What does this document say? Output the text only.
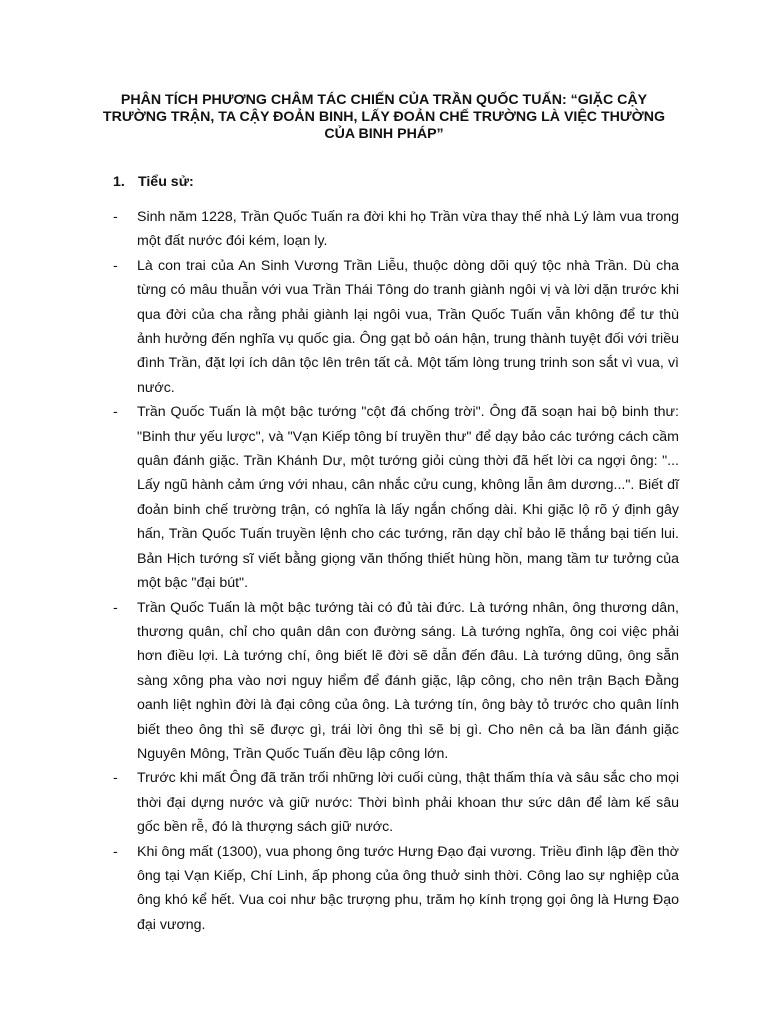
PHÂN TÍCH PHƯƠNG CHÂM TÁC CHIẾN CỦA TRẦN QUỐC TUẤN: “GIẶC CẬY TRƯỜNG TRẬN, TA CẬY ĐOẢN BINH, LẤY ĐOẢN CHẾ TRƯỜNG LÀ VIỆC THƯỜNG CỦA BINH PHÁP”
1. Tiểu sử:
- Sinh năm 1228, Trần Quốc Tuấn ra đời khi họ Trần vừa thay thế nhà Lý làm vua trong một đất nước đói kém, loạn ly.
- Là con trai của An Sinh Vương Trần Liễu, thuộc dòng dõi quý tộc nhà Trần. Dù cha từng có mâu thuẫn với vua Trần Thái Tông do tranh giành ngôi vị và lời dặn trước khi qua đời của cha rằng phải giành lại ngôi vua, Trần Quốc Tuấn vẫn không để tư thù ảnh hưởng đến nghĩa vụ quốc gia. Ông gạt bỏ oán hận, trung thành tuyệt đối với triều đình Trần, đặt lợi ích dân tộc lên trên tất cả. Một tấm lòng trung trinh son sắt vì vua, vì nước.
- Trần Quốc Tuấn là một bậc tướng "cột đá chống trời". Ông đã soạn hai bộ binh thư: "Binh thư yếu lược", và "Vạn Kiếp tông bí truyền thư" để dạy bảo các tướng cách cầm quân đánh giặc. Trần Khánh Dư, một tướng giỏi cùng thời đã hết lời ca ngợi ông: "... Lấy ngũ hành cảm ứng với nhau, cân nhắc cửu cung, không lẫn âm dương...". Biết dĩ đoản binh chế trường trận, có nghĩa là lấy ngắn chống dài. Khi giặc lộ rõ ý định gây hấn, Trần Quốc Tuấn truyền lệnh cho các tướng, răn dạy chỉ bảo lẽ thắng bại tiến lui. Bản Hịch tướng sĩ viết bằng giọng văn thống thiết hùng hồn, mang tầm tư tưởng của một bậc "đại bút".
- Trần Quốc Tuấn là một bậc tướng tài có đủ tài đức. Là tướng nhân, ông thương dân, thương quân, chỉ cho quân dân con đường sáng. Là tướng nghĩa, ông coi việc phải hơn điều lợi. Là tướng chí, ông biết lẽ đời sẽ dẫn đến đâu. Là tướng dũng, ông sẵn sàng xông pha vào nơi nguy hiểm để đánh giặc, lập công, cho nên trận Bạch Đằng oanh liệt nghìn đời là đại công của ông. Là tướng tín, ông bày tỏ trước cho quân lính biết theo ông thì sẽ được gì, trái lời ông thì sẽ bị gì. Cho nên cả ba lần đánh giặc Nguyên Mông, Trần Quốc Tuấn đều lập công lớn.
- Trước khi mất Ông đã trăn trối những lời cuối cùng, thật thấm thía và sâu sắc cho mọi thời đại dựng nước và giữ nước: Thời bình phải khoan thư sức dân để làm kế sâu gốc bền rễ, đó là thượng sách giữ nước.
- Khi ông mất (1300), vua phong ông tước Hưng Đạo đại vương. Triều đình lập đền thờ ông tại Vạn Kiếp, Chí Linh, ấp phong của ông thuở sinh thời. Công lao sự nghiệp của ông khó kể hết. Vua coi như bậc trượng phu, trăm họ kính trọng gọi ông là Hưng Đạo đại vương.
